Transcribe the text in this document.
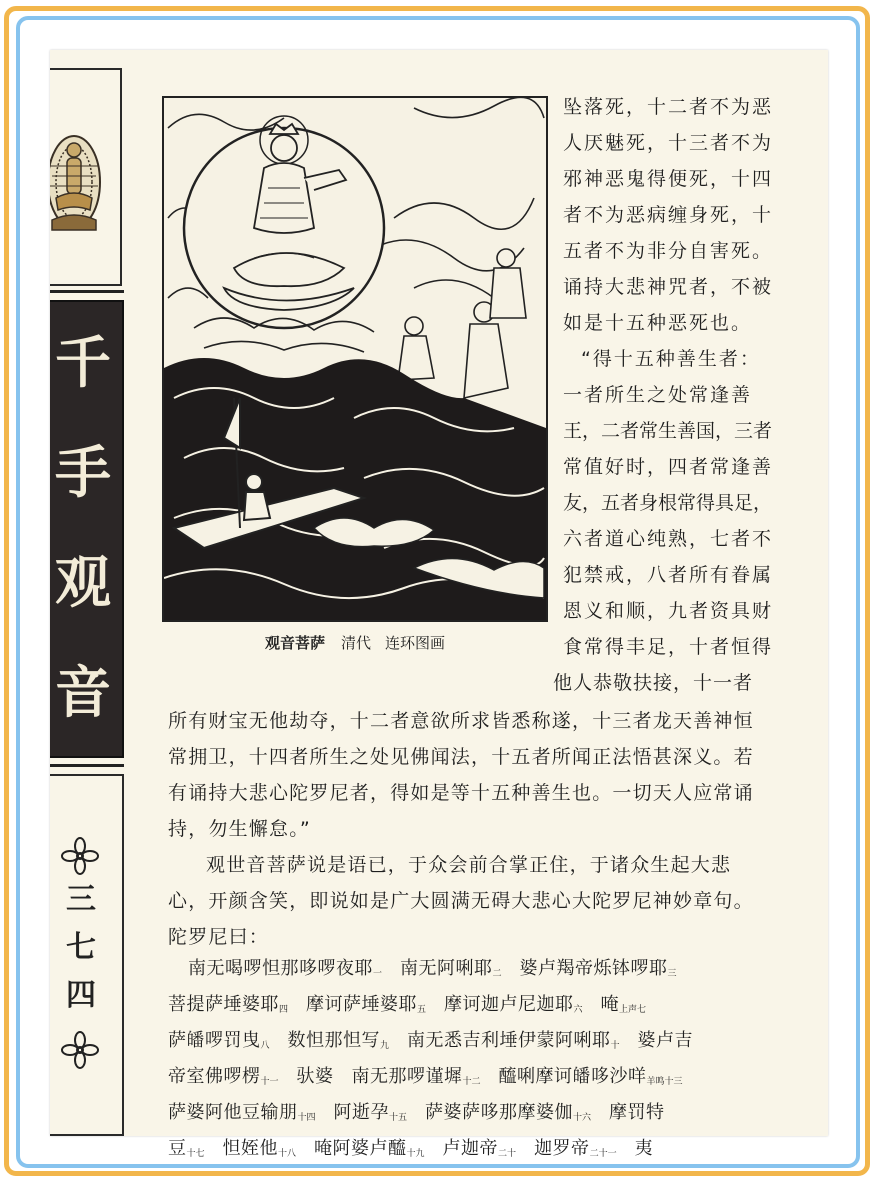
千
手
观
音
三
七
四
观音菩萨 清代 连环图画
坠落死，十二者不为恶
人厌魅死，十三者不为
邪神恶鬼得便死，十四
者不为恶病缠身死，十
五者不为非分自害死。
诵持大悲神咒者，不被
如是十五种恶死也。
“得十五种善生者：
一者所生之处常逢善
王，二者常生善国，三者
常值好时，四者常逢善
友，五者身根常得具足，
六者道心纯熟，七者不
犯禁戒，八者所有眷属
恩义和顺，九者资具财
食常得丰足，十者恒得
他人恭敬扶接，十一者
所有财宝无他劫夺，十二者意欲所求皆悉称遂，十三者龙天善神恒
常拥卫，十四者所生之处见佛闻法，十五者所闻正法悟甚深义。若
有诵持大悲心陀罗尼者，得如是等十五种善生也。一切天人应常诵
持，勿生懈怠。”
观世音菩萨说是语已，于众会前合掌正住，于诸众生起大悲
心，开颜含笑，即说如是广大圆满无碍大悲心大陀罗尼神妙章句。
陀罗尼曰：
南无喝啰怛那哆啰夜耶一　 南无阿唎耶二　 婆卢羯帝烁钵啰耶三
菩提萨埵婆耶四　 摩诃萨埵婆耶五　 摩诃迦卢尼迦耶六　 唵上声七
萨皤啰罚曳八　 数怛那怛写九　 南无悉吉利埵伊蒙阿唎耶十　 婆卢吉
帝室佛啰楞十一　 驮婆　 南无那啰谨墀十二　 醯唎摩诃皤哆沙咩羊鸣十三
萨婆阿他豆输朋十四　 阿逝孕十五　 萨婆萨哆那摩婆伽十六　 摩罚特
豆十七　 怛姪他十八　 唵阿婆卢醯十九　 卢迦帝二十　 迦罗帝二十一　 夷
